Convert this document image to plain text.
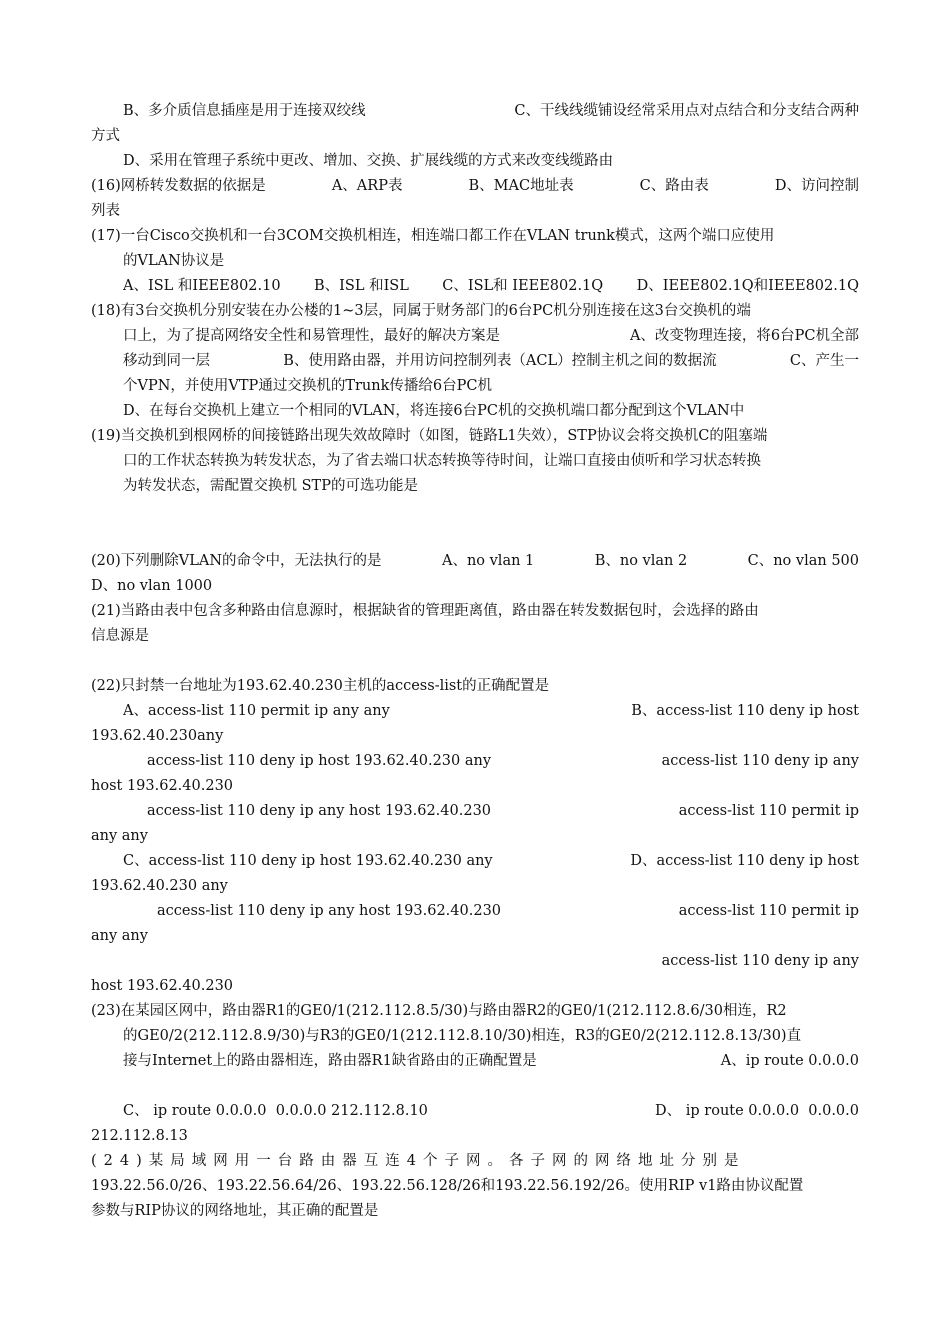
B、多介质信息插座是用于连接双绞线	C、干线线缆铺设经常采用点对点结合和分支结合两种
方式
D、采用在管理子系统中更改、增加、交换、扩展线缆的方式来改变线缆路由
(16)网桥转发数据的依据是	A、ARP表	B、MAC地址表	C、路由表	D、访问控制
列表
(17)一台Cisco交换机和一台3COM交换机相连，相连端口都工作在VLAN trunk模式，这两个端口应使用
的VLAN协议是
A、ISL 和IEEE802.10 B、ISL 和ISL C、ISL和 IEEE802.1Q D、IEEE802.1Q和IEEE802.1Q
(18)有3台交换机分别安装在办公楼的1~3层，同属于财务部门的6台PC机分别连接在这3台交换机的端
口上，为了提高网络安全性和易管理性，最好的解决方案是	A、改变物理连接，将6台PC机全部
移动到同一层	B、使用路由器，并用访问控制列表（ACL）控制主机之间的数据流	C、产生一
个VPN，并使用VTP通过交换机的Trunk传播给6台PC机
D、在每台交换机上建立一个相同的VLAN，将连接6台PC机的交换机端口都分配到这个VLAN中
(19)当交换机到根网桥的间接链路出现失效故障时（如图，链路L1失效），STP协议会将交换机C的阻塞端
口的工作状态转换为转发状态，为了省去端口状态转换等待时间，让端口直接由侦听和学习状态转换
为转发状态，需配置交换机 STP的可选功能是

(20)下列删除VLAN的命令中，无法执行的是	A、no vlan 1	B、no vlan 2	C、no vlan 500
D、no vlan 1000
(21)当路由表中包含多种路由信息源时，根据缺省的管理距离值，路由器在转发数据包时，会选择的路由
信息源是

(22)只封禁一台地址为193.62.40.230主机的access-list的正确配置是
A、access-list 110 permit ip any any	B、access-list 110 deny ip host
193.62.40.230any
access-list 110 deny ip host 193.62.40.230 any	access-list 110 deny ip any
host 193.62.40.230
access-list 110 deny ip any host 193.62.40.230	access-list 110 permit ip
any any
C、access-list 110 deny ip host 193.62.40.230 any	D、access-list 110 deny ip host
193.62.40.230 any
access-list 110 deny ip any host 193.62.40.230	access-list 110 permit ip
any any
access-list 110 deny ip any
host 193.62.40.230
(23)在某园区网中，路由器R1的GE0/1(212.112.8.5/30)与路由器R2的GE0/1(212.112.8.6/30相连，R2
的GE0/2(212.112.8.9/30)与R3的GE0/1(212.112.8.10/30)相连，R3的GE0/2(212.112.8.13/30)直
接与Internet上的路由器相连，路由器R1缺省路由的正确配置是	A、ip route 0.0.0.0

C、 ip route 0.0.0.0  0.0.0.0 212.112.8.10	D、 ip route 0.0.0.0  0.0.0.0
212.112.8.13
(24)某局域网用一台路由器互连4个子网。各子网的网络地址分别是
193.22.56.0/26、193.22.56.64/26、193.22.56.128/26和193.22.56.192/26。使用RIP v1路由协议配置
参数与RIP协议的网络地址，其正确的配置是
